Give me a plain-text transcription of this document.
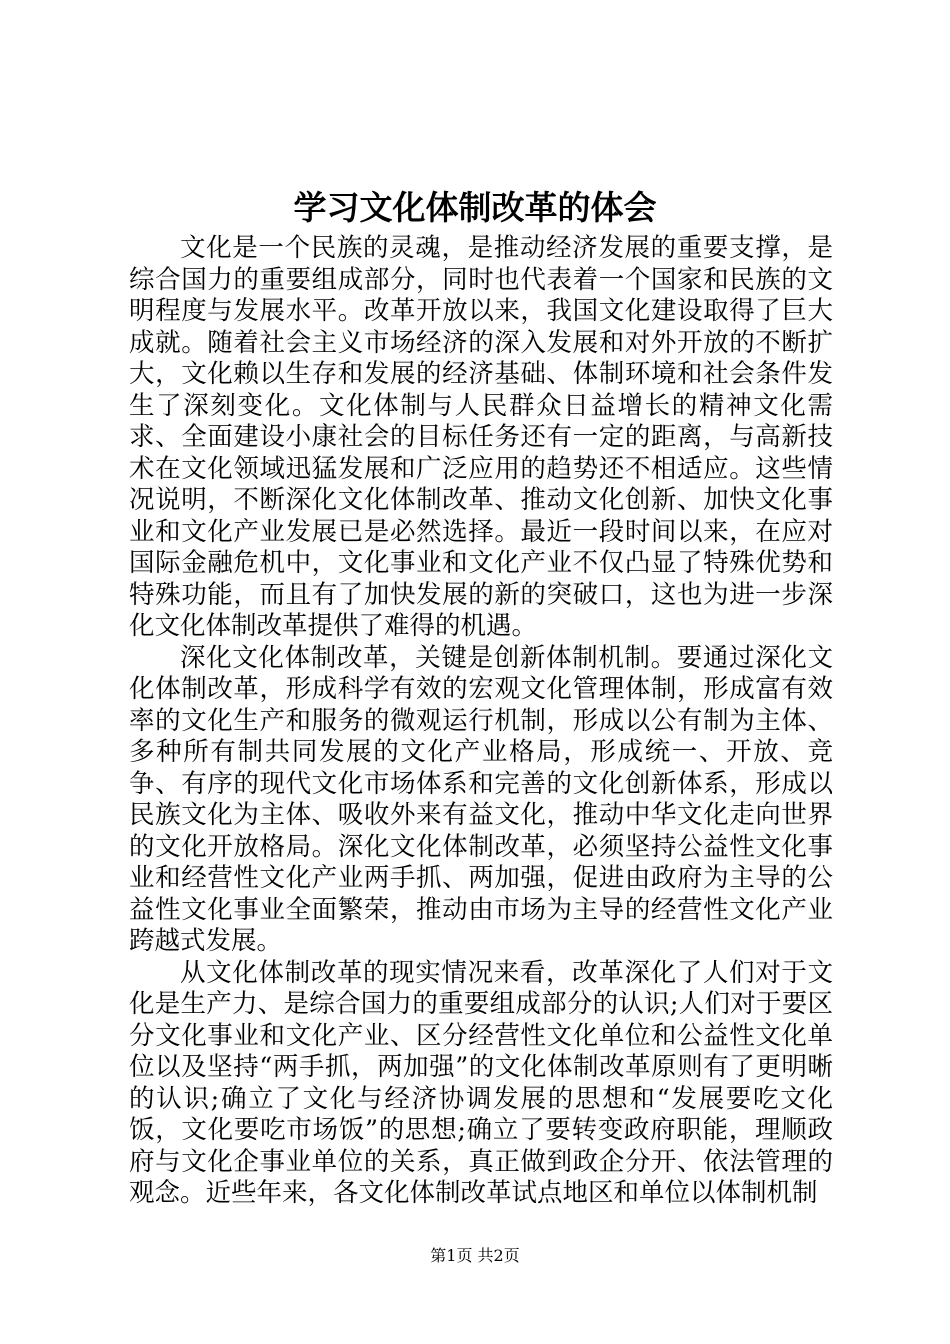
学习文化体制改革的体会

文化是一个民族的灵魂，是推动经济发展的重要支撑，是综合国力的重要组成部分，同时也代表着一个国家和民族的文明程度与发展水平。改革开放以来，我国文化建设取得了巨大成就。随着社会主义市场经济的深入发展和对外开放的不断扩大，文化赖以生存和发展的经济基础、体制环境和社会条件发生了深刻变化。文化体制与人民群众日益增长的精神文化需求、全面建设小康社会的目标任务还有一定的距离，与高新技术在文化领域迅猛发展和广泛应用的趋势还不相适应。这些情况说明，不断深化文化体制改革、推动文化创新、加快文化事业和文化产业发展已是必然选择。最近一段时间以来，在应对国际金融危机中，文化事业和文化产业不仅凸显了特殊优势和特殊功能，而且有了加快发展的新的突破口，这也为进一步深化文化体制改革提供了难得的机遇。

深化文化体制改革，关键是创新体制机制。要通过深化文化体制改革，形成科学有效的宏观文化管理体制，形成富有效率的文化生产和服务的微观运行机制，形成以公有制为主体、多种所有制共同发展的文化产业格局，形成统一、开放、竞争、有序的现代文化市场体系和完善的文化创新体系，形成以民族文化为主体、吸收外来有益文化，推动中华文化走向世界的文化开放格局。深化文化体制改革，必须坚持公益性文化事业和经营性文化产业两手抓、两加强，促进由政府为主导的公益性文化事业全面繁荣，推动由市场为主导的经营性文化产业跨越式发展。

从文化体制改革的现实情况来看，改革深化了人们对于文化是生产力、是综合国力的重要组成部分的认识;人们对于要区分文化事业和文化产业、区分经营性文化单位和公益性文化单位以及坚持“两手抓，两加强”的文化体制改革原则有了更明晰的认识;确立了文化与经济协调发展的思想和“发展要吃文化饭，文化要吃市场饭”的思想;确立了要转变政府职能，理顺政府与文化企事业单位的关系，真正做到政企分开、依法管理的观念。近些年来，各文化体制改革试点地区和单位以体制机制

第1页 共2页
